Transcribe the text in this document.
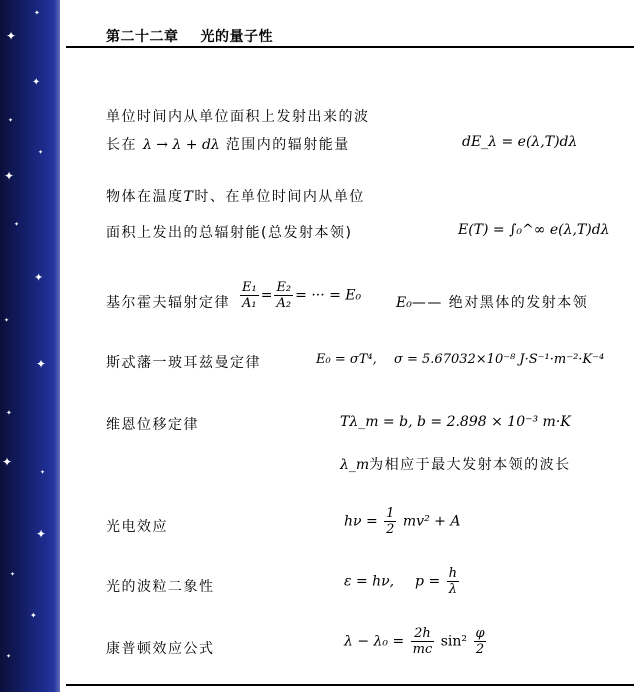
✦
✦
✦
✦
✦
✦
✦
✦
✦
✦
✦
✦
✦
✦
✦
✦
✦
第二十二章 光的量子性
单位时间内从单位面积上发射出来的波
长在 λ → λ + dλ 范围内的辐射能量	dE_λ = e(λ,T)dλ
物体在温度T时、在单位时间内从单位
面积上发出的总辐射能(总发射本领)	E(T) = ∫₀^∞ e(λ,T)dλ
基尔霍夫辐射定律 $\frac{\text{E₁}}{\text{A₁}} = \frac{\text{E₂}}{\text{A₂}}$ = ··· = E₀ E₀—— 绝对黑体的发射本领
斯忒藩一玻耳兹曼定律	E₀ = σT⁴, σ = 5.67032×10⁻⁸ J·S⁻¹·m⁻²·K⁻⁴
维恩位移定律	Tλ_m = b, b = 2.898 × 10⁻³ m·K
λ_m为相应于最大发射本领的波长
光电效应	$h\nu = \frac{1}{2} mv^2 + A$
光的波粒二象性	ε = hν, $p = \frac{h}{\lambda}$
康普顿效应公式	$\lambda - \lambda_0 = \frac{2h}{mc} \sin^2 \frac{\varphi}{2}$
